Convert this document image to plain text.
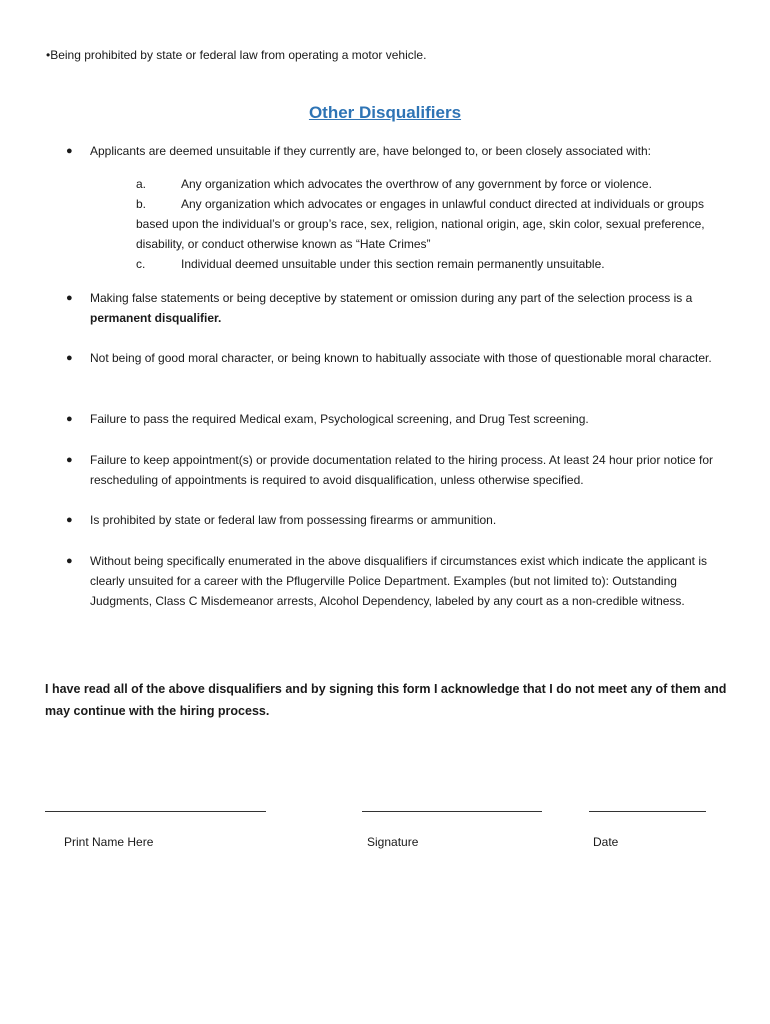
•Being prohibited by state or federal law from operating a motor vehicle.
Other Disqualifiers
● Applicants are deemed unsuitable if they currently are, have belonged to, or been closely associated with:
a.	Any organization which advocates the overthrow of any government by force or violence.
b.	Any organization which advocates or engages in unlawful conduct directed at individuals or groups based upon the individual’s or group’s race, sex, religion, national origin, age, skin color, sexual preference, disability, or conduct otherwise known as “Hate Crimes”
c.	Individual deemed unsuitable under this section remain permanently unsuitable.
● Making false statements or being deceptive by statement or omission during any part of the selection process is a permanent disqualifier.
● Not being of good moral character, or being known to habitually associate with those of questionable moral character.
● Failure to pass the required Medical exam, Psychological screening, and Drug Test screening.
● Failure to keep appointment(s) or provide documentation related to the hiring process. At least 24 hour prior notice for rescheduling of appointments is required to avoid disqualification, unless otherwise specified.
● Is prohibited by state or federal law from possessing firearms or ammunition.
● Without being specifically enumerated in the above disqualifiers if circumstances exist which indicate the applicant is clearly unsuited for a career with the Pflugerville Police Department. Examples (but not limited to): Outstanding Judgments, Class C Misdemeanor arrests, Alcohol Dependency, labeled by any court as a non-credible witness.
I have read all of the above disqualifiers and by signing this form I acknowledge that I do not meet any of them and may continue with the hiring process.
Print Name Here	Signature	Date
